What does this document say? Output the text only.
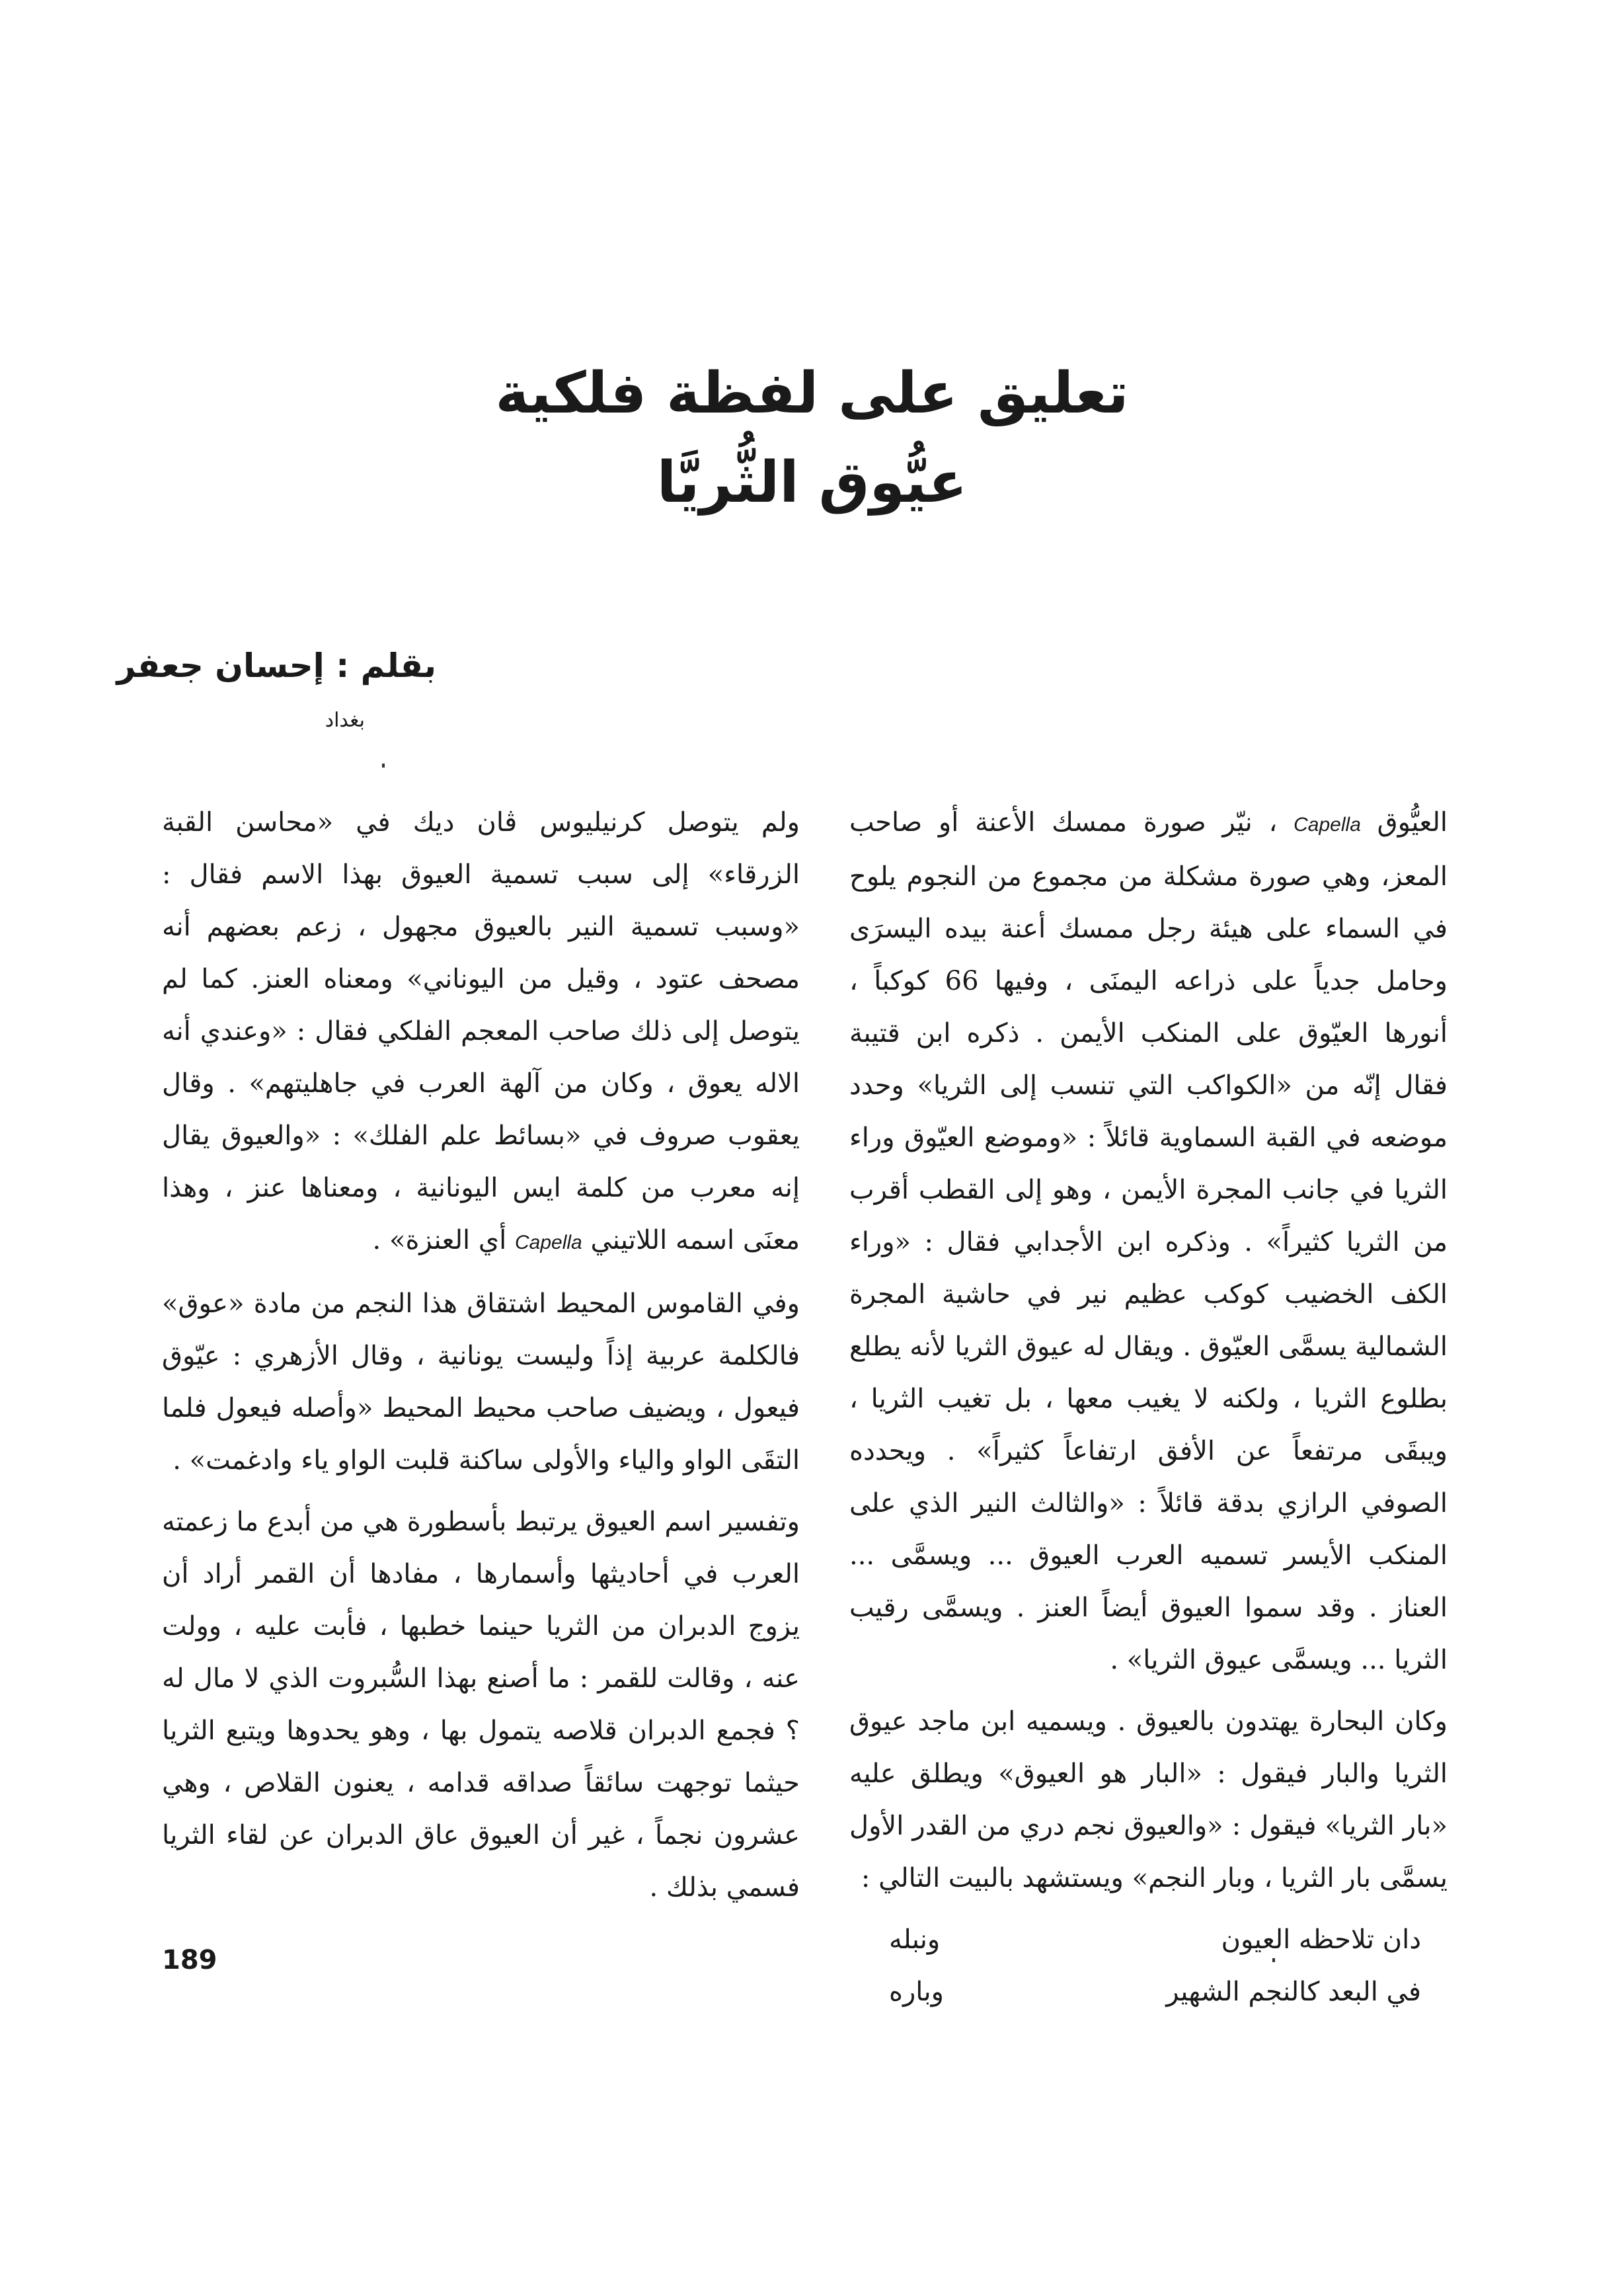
تعليق على لفظة فلكية
عيُّوق الثُّريَّا
بقلم : إحسان جعفر
بغداد

العيُّوق Capella ، نيّر صورة ممسك الأعنة أو صاحب المعز، وهي صورة مشكلة من مجموع من النجوم يلوح في السماء على هيئة رجل ممسك أعنة بيده اليسرَى وحامل جدياً على ذراعه اليمنَى ، وفيها 66 كوكباً ، أنورها العيّوق على المنكب الأيمن . ذكره ابن قتيبة فقال إنّه من «الكواكب التي تنسب إلى الثريا» وحدد موضعه في القبة السماوية قائلاً : «وموضع العيّوق وراء الثريا في جانب المجرة الأيمن ، وهو إلى القطب أقرب من الثريا كثيراً» . وذكره ابن الأجدابي فقال : «وراء الكف الخضيب كوكب عظيم نير في حاشية المجرة الشمالية يسمَّى العيّوق . ويقال له عيوق الثريا لأنه يطلع بطلوع الثريا ، ولكنه لا يغيب معها ، بل تغيب الثريا ، ويبقَى مرتفعاً عن الأفق ارتفاعاً كثيراً» . ويحدده الصوفي الرازي بدقة قائلاً : «والثالث النير الذي على المنكب الأيسر تسميه العرب العيوق ... ويسمَّى ... العناز . وقد سموا العيوق أيضاً العنز . ويسمَّى رقيب الثريا ... ويسمَّى عيوق الثريا» .

وكان البحارة يهتدون بالعيوق . ويسميه ابن ماجد عيوق الثريا والبار فيقول : «البار هو العيوق» ويطلق عليه «بار الثريا» فيقول : «والعيوق نجم دري من القدر الأول يسمَّى بار الثريا ، وبار النجم» ويستشهد بالبيت التالي :

دان تلاحظه العيون
ونبله
في البعد كالنجم الشهير
وباره

ولم يتوصل كرنيليوس ڤان ديك في «محاسن القبة الزرقاء» إلى سبب تسمية العيوق بهذا الاسم فقال : «وسبب تسمية النير بالعيوق مجهول ، زعم بعضهم أنه مصحف عتود ، وقيل من اليوناني» ومعناه العنز. كما لم يتوصل إلى ذلك صاحب المعجم الفلكي فقال : «وعندي أنه الاله يعوق ، وكان من آلهة العرب في جاهليتهم» . وقال يعقوب صروف في «بسائط علم الفلك» : «والعيوق يقال إنه معرب من كلمة ايس اليونانية ، ومعناها عنز ، وهذا معنَى اسمه اللاتيني Capella أي العنزة» .

وفي القاموس المحيط اشتقاق هذا النجم من مادة «عوق» فالكلمة عربية إذاً وليست يونانية ، وقال الأزهري : عيّوق فيعول ، ويضيف صاحب محيط المحيط «وأصله فيعول فلما التقَى الواو والياء والأولى ساكنة قلبت الواو ياء وادغمت» .

وتفسير اسم العيوق يرتبط بأسطورة هي من أبدع ما زعمته العرب في أحاديثها وأسمارها ، مفادها أن القمر أراد أن يزوج الدبران من الثريا حينما خطبها ، فأبت عليه ، وولت عنه ، وقالت للقمر : ما أصنع بهذا السُّبروت الذي لا مال له ؟ فجمع الدبران قلاصه يتمول بها ، وهو يحدوها ويتبع الثريا حيثما توجهت سائقاً صداقه قدامه ، يعنون القلاص ، وهي عشرون نجماً ، غير أن العيوق عاق الدبران عن لقاء الثريا فسمي بذلك .

189
